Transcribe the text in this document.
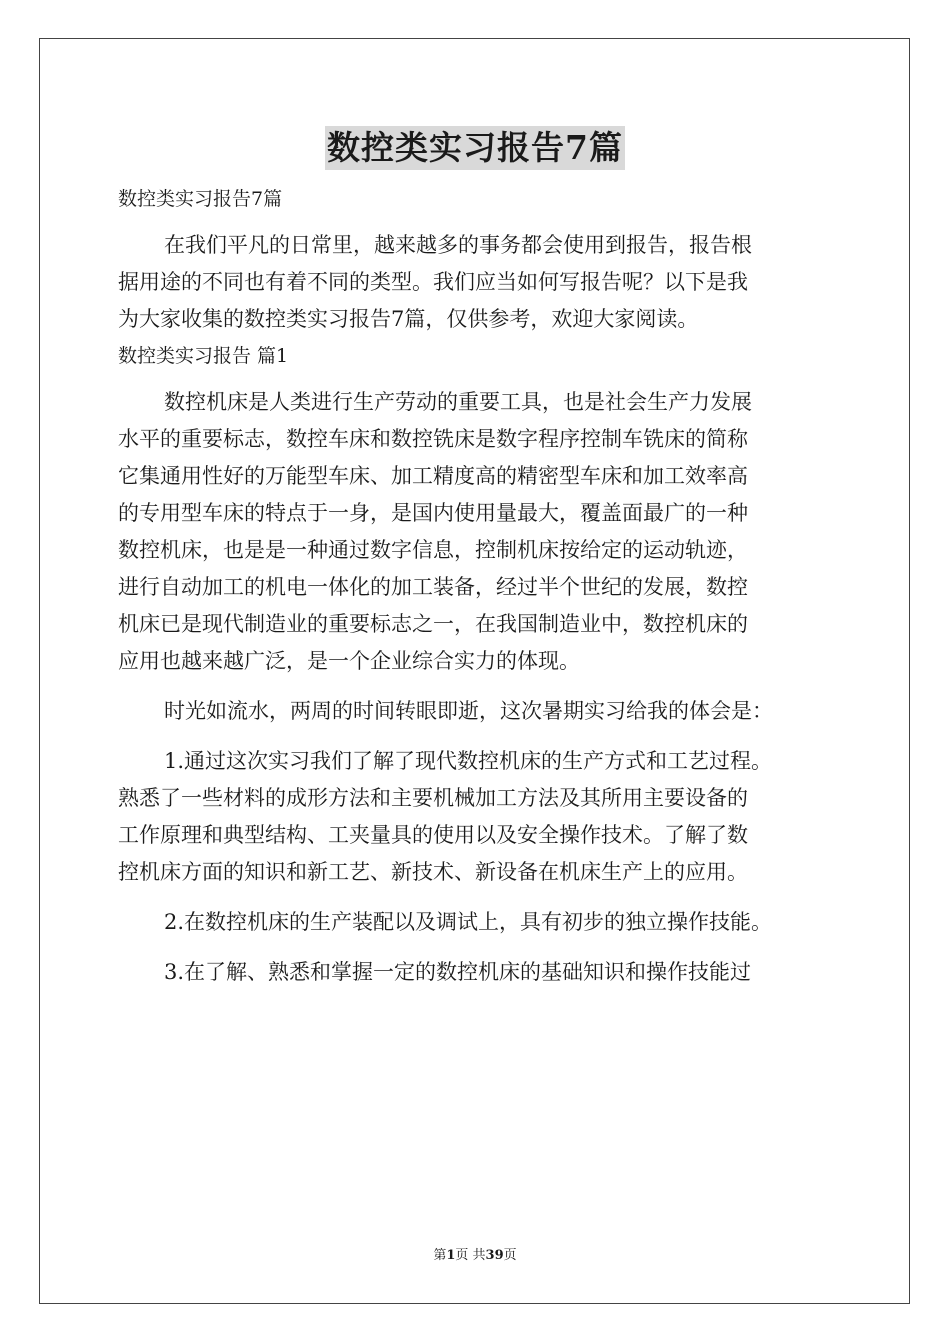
数控类实习报告7篇

数控类实习报告7篇

在我们平凡的日常里，越来越多的事务都会使用到报告，报告根

据用途的不同也有着不同的类型。我们应当如何写报告呢？以下是我

为大家收集的数控类实习报告7篇，仅供参考，欢迎大家阅读。

数控类实习报告 篇1

数控机床是人类进行生产劳动的重要工具，也是社会生产力发展

水平的重要标志，数控车床和数控铣床是数字程序控制车铣床的简称

它集通用性好的万能型车床、加工精度高的精密型车床和加工效率高

的专用型车床的特点于一身，是国内使用量最大，覆盖面最广的一种

数控机床，也是是一种通过数字信息，控制机床按给定的运动轨迹，

进行自动加工的机电一体化的加工装备，经过半个世纪的发展，数控

机床已是现代制造业的重要标志之一，在我国制造业中，数控机床的

应用也越来越广泛，是一个企业综合实力的体现。

时光如流水，两周的时间转眼即逝，这次暑期实习给我的体会是：

1.通过这次实习我们了解了现代数控机床的生产方式和工艺过程。

熟悉了一些材料的成形方法和主要机械加工方法及其所用主要设备的

工作原理和典型结构、工夹量具的使用以及安全操作技术。了解了数

控机床方面的知识和新工艺、新技术、新设备在机床生产上的应用。

2.在数控机床的生产装配以及调试上，具有初步的独立操作技能。

3.在了解、熟悉和掌握一定的数控机床的基础知识和操作技能过

第1页 共39页
